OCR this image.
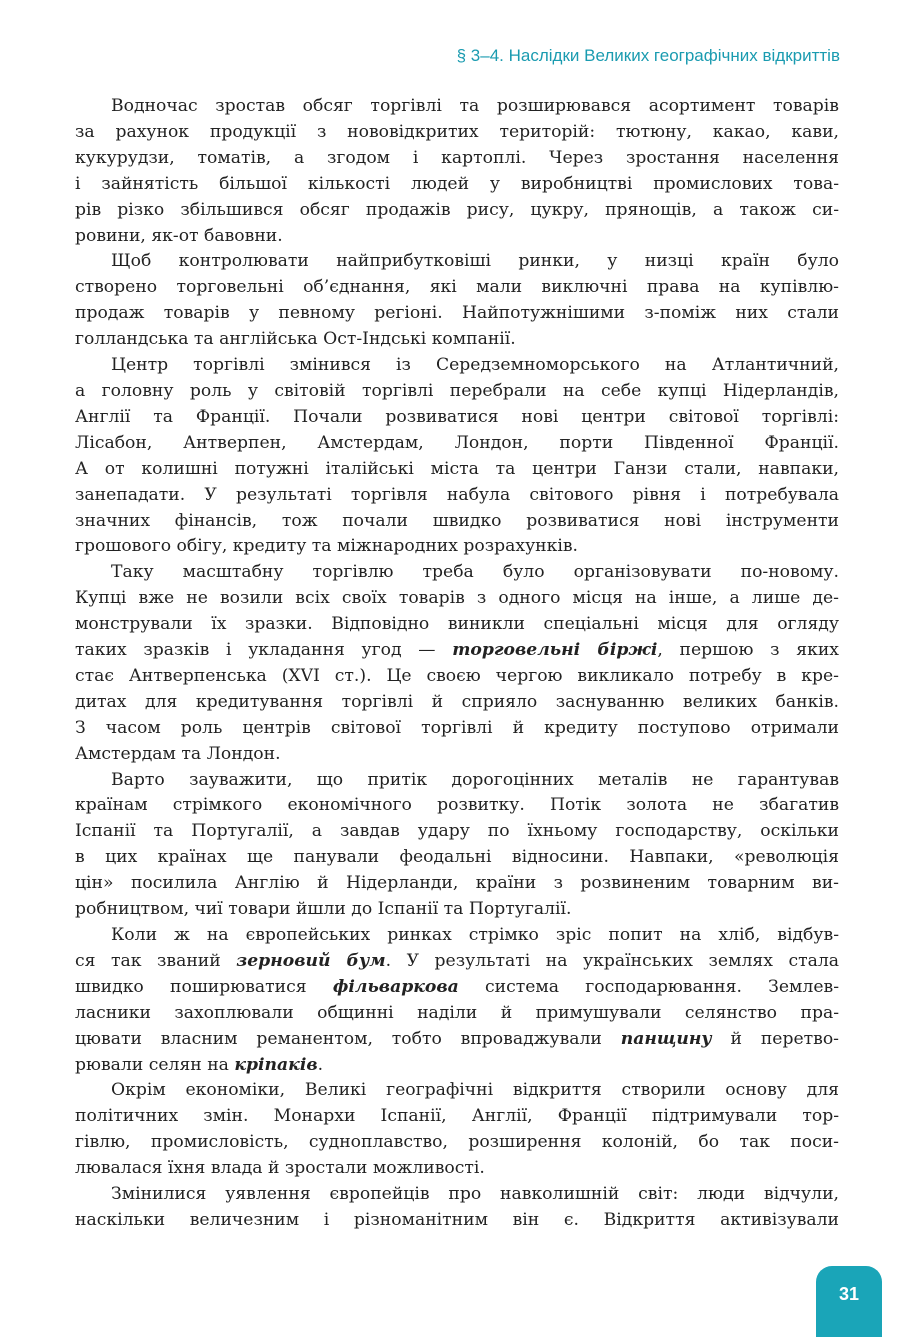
§ 3–4. Наслідки Великих географічних відкриттів

Водночас зростав обсяг торгівлі та розширювався асортимент товарів
за рахунок продукції з нововідкритих територій: тютюну, какао, кави,
кукурудзи, томатів, а згодом і картоплі. Через зростання населення
і зайнятість більшої кількості людей у виробництві промислових това-
рів різко збільшився обсяг продажів рису, цукру, прянощів, а також си-
ровини, як-от бавовни.

Щоб контролювати найприбутковіші ринки, у низці країн було
створено торговельні об’єднання, які мали виключні права на купівлю-
продаж товарів у певному регіоні. Найпотужнішими з-поміж них стали
голландська та англійська Ост-Індські компанії.

Центр торгівлі змінився із Середземноморського на Атлантичний,
а головну роль у світовій торгівлі перебрали на себе купці Нідерландів,
Англії та Франції. Почали розвиватися нові центри світової торгівлі:
Лісабон, Антверпен, Амстердам, Лондон, порти Південної Франції.
А от колишні потужні італійські міста та центри Ганзи стали, навпаки,
занепадати. У результаті торгівля набула світового рівня і потребувала
значних фінансів, тож почали швидко розвиватися нові інструменти
грошового обігу, кредиту та міжнародних розрахунків.

Таку масштабну торгівлю треба було організовувати по-новому.
Купці вже не возили всіх своїх товарів з одного місця на інше, а лише де-
монстрували їх зразки. Відповідно виникли спеціальні місця для огляду
таких зразків і укладання угод — торговельні біржі, першою з яких
стає Антверпенська (XVI ст.). Це своєю чергою викликало потребу в кре-
дитах для кредитування торгівлі й сприяло заснуванню великих банків.
З часом роль центрів світової торгівлі й кредиту поступово отримали
Амстердам та Лондон.

Варто зауважити, що притік дорогоцінних металів не гарантував
країнам стрімкого економічного розвитку. Потік золота не збагатив
Іспанії та Португалії, а завдав удару по їхньому господарству, оскільки
в цих країнах ще панували феодальні відносини. Навпаки, «революція
цін» посилила Англію й Нідерланди, країни з розвиненим товарним ви-
робництвом, чиї товари йшли до Іспанії та Португалії.

Коли ж на європейських ринках стрімко зріс попит на хліб, відбув-
ся так званий зерновий бум. У результаті на українських землях стала
швидко поширюватися фільваркова система господарювання. Землев-
ласники захоплювали общинні наділи й примушували селянство пра-
цювати власним реманентом, тобто впроваджували панщину й перетво-
рювали селян на кріпаків.

Окрім економіки, Великі географічні відкриття створили основу для
політичних змін. Монархи Іспанії, Англії, Франції підтримували тор-
гівлю, промисловість, судноплавство, розширення колоній, бо так поси-
лювалася їхня влада й зростали можливості.

Змінилися уявлення європейців про навколишній світ: люди відчули,
наскільки величезним і різноманітним він є. Відкриття активізували

31
